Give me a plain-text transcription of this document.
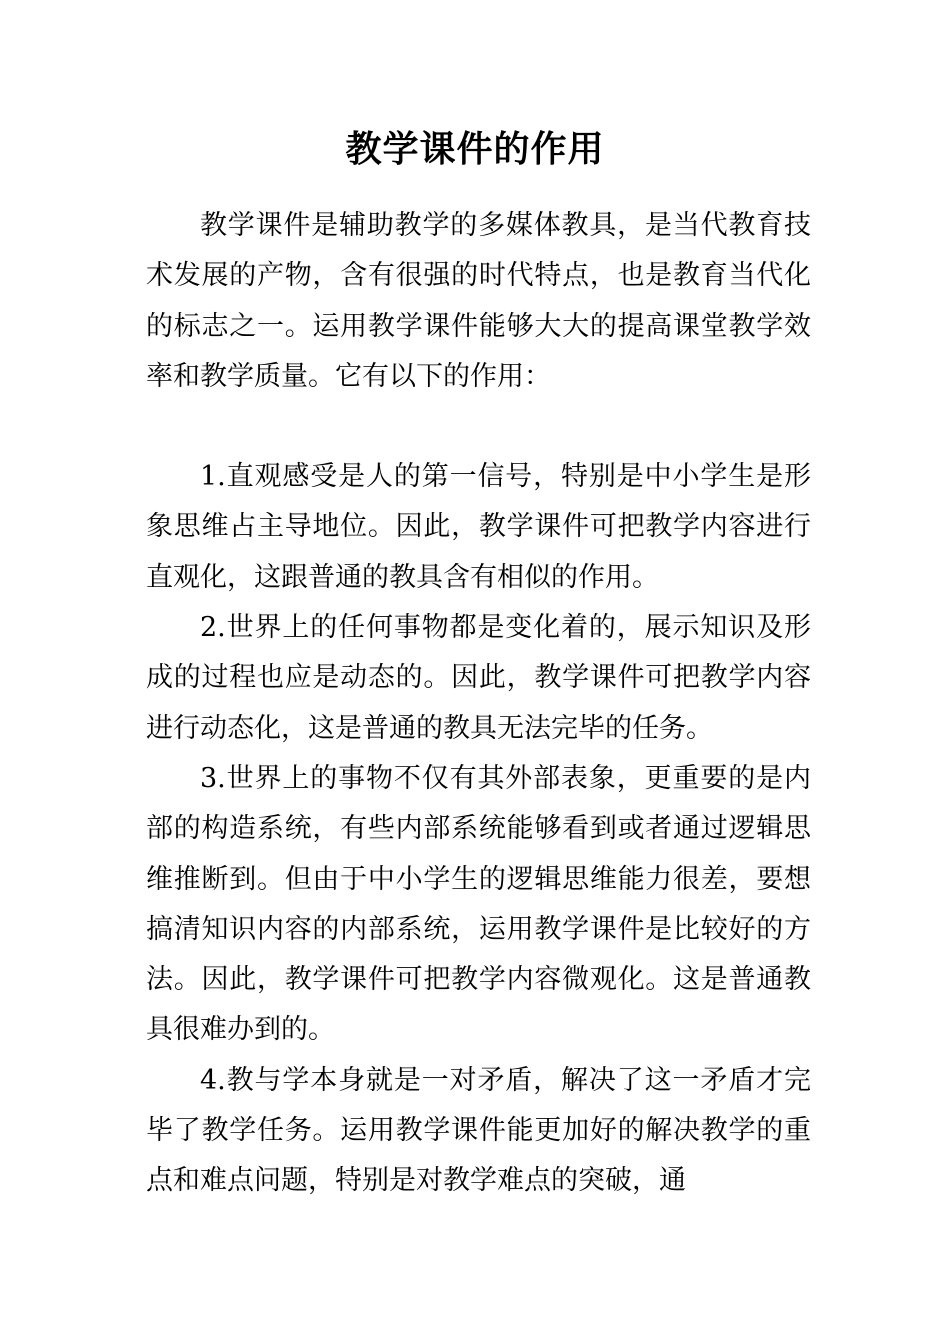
教学课件的作用

教学课件是辅助教学的多媒体教具，是当代教育技术发展的产物，含有很强的时代特点，也是教育当代化的标志之一。运用教学课件能够大大的提高课堂教学效率和教学质量。它有以下的作用：

1.直观感受是人的第一信号，特别是中小学生是形象思维占主导地位。因此，教学课件可把教学内容进行直观化，这跟普通的教具含有相似的作用。

2.世界上的任何事物都是变化着的，展示知识及形成的过程也应是动态的。因此，教学课件可把教学内容进行动态化，这是普通的教具无法完毕的任务。

3.世界上的事物不仅有其外部表象，更重要的是内部的构造系统，有些内部系统能够看到或者通过逻辑思维推断到。但由于中小学生的逻辑思维能力很差，要想搞清知识内容的内部系统，运用教学课件是比较好的方法。因此，教学课件可把教学内容微观化。这是普通教具很难办到的。

4.教与学本身就是一对矛盾，解决了这一矛盾才完毕了教学任务。运用教学课件能更加好的解决教学的重点和难点问题，特别是对教学难点的突破，通
